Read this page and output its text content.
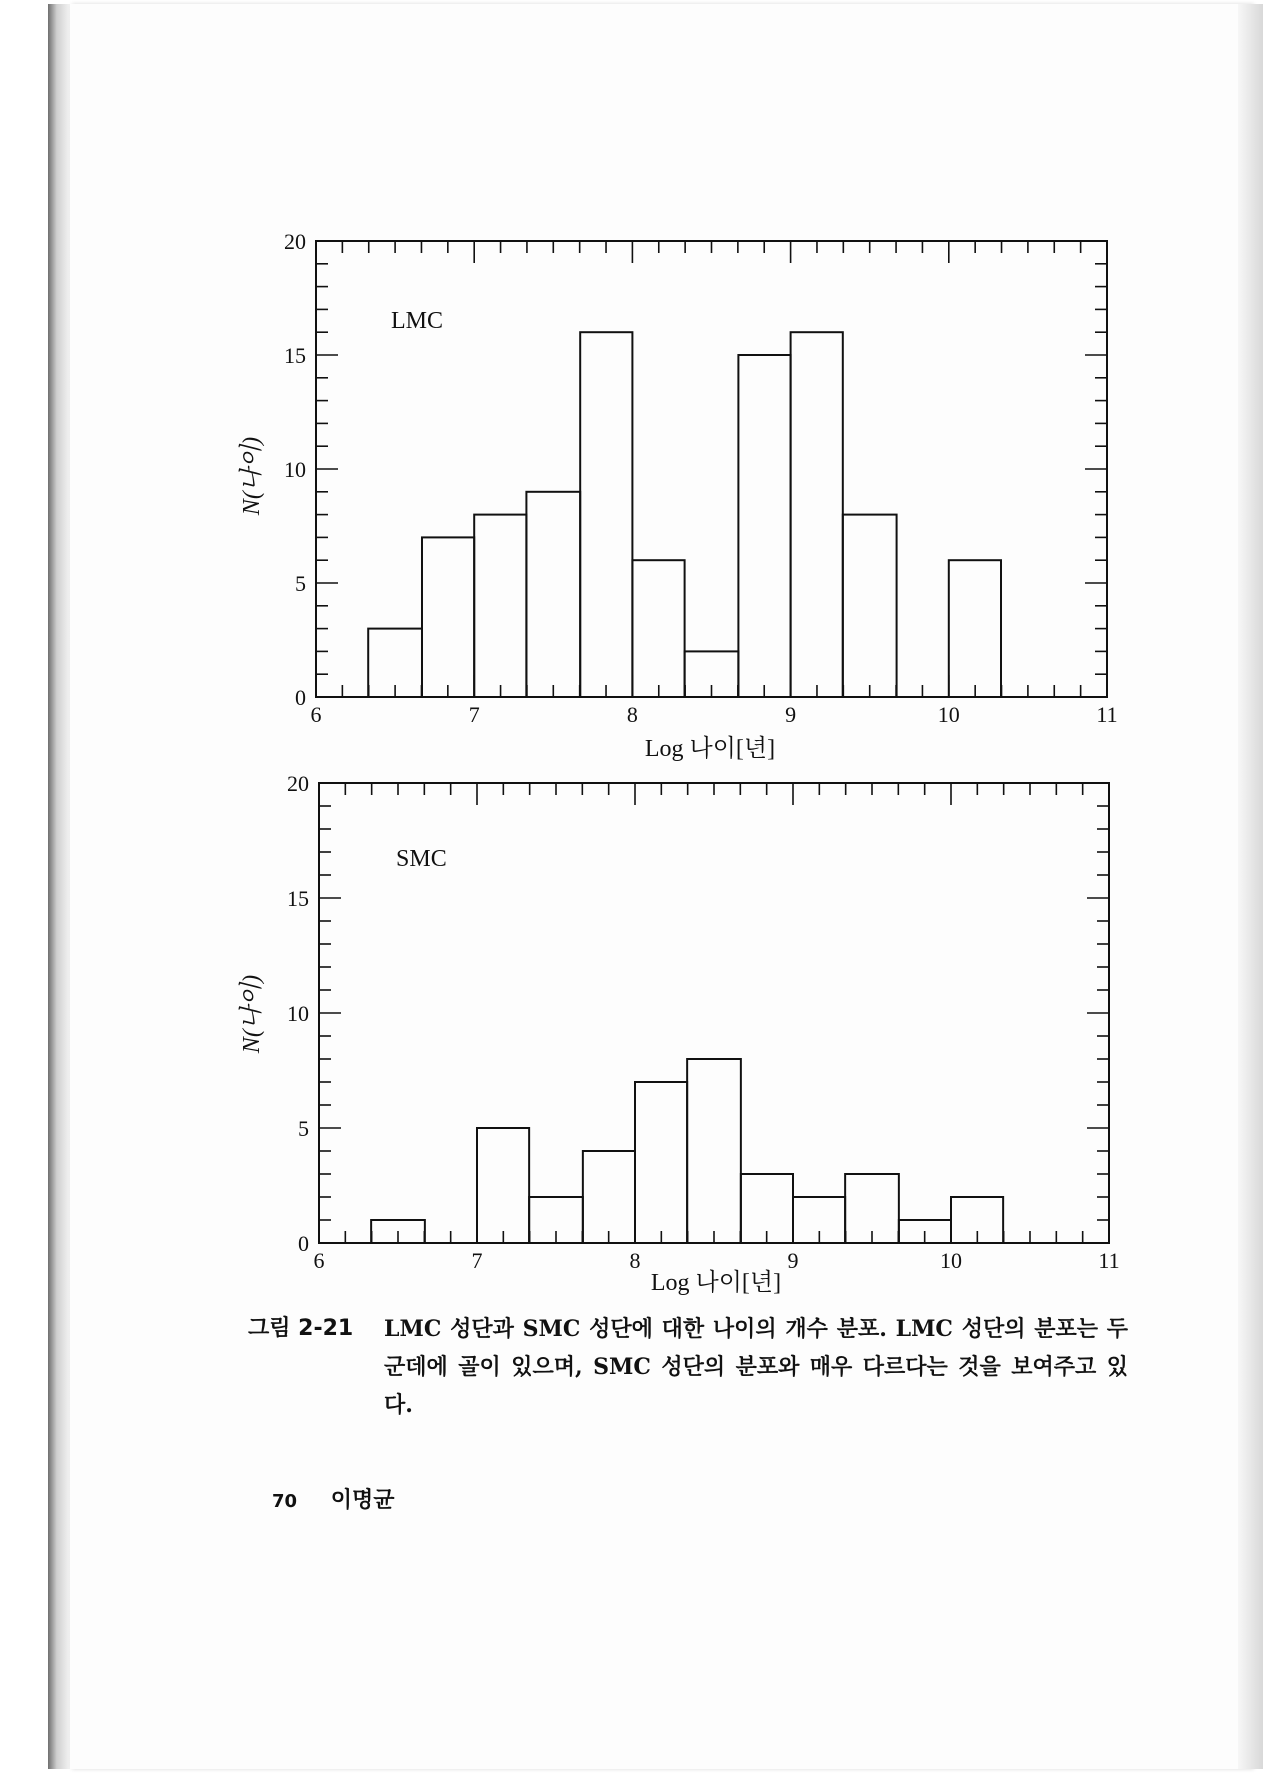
LMC
Log 나이[년]
N(나이)
6	7	8	9	10	11
0
5
10
15
20
SMC
Log 나이[년]
N(나이)
6	7	8	9	10	11
0
5
10
15
20
그림 2-21	LMC 성단과 SMC 성단에 대한 나이의 개수 분포. LMC 성단의 분포는 두 군데에 골이 있으며, SMC 성단의 분포와 매우 다르다는 것을 보여주고 있다.
70 이명균
